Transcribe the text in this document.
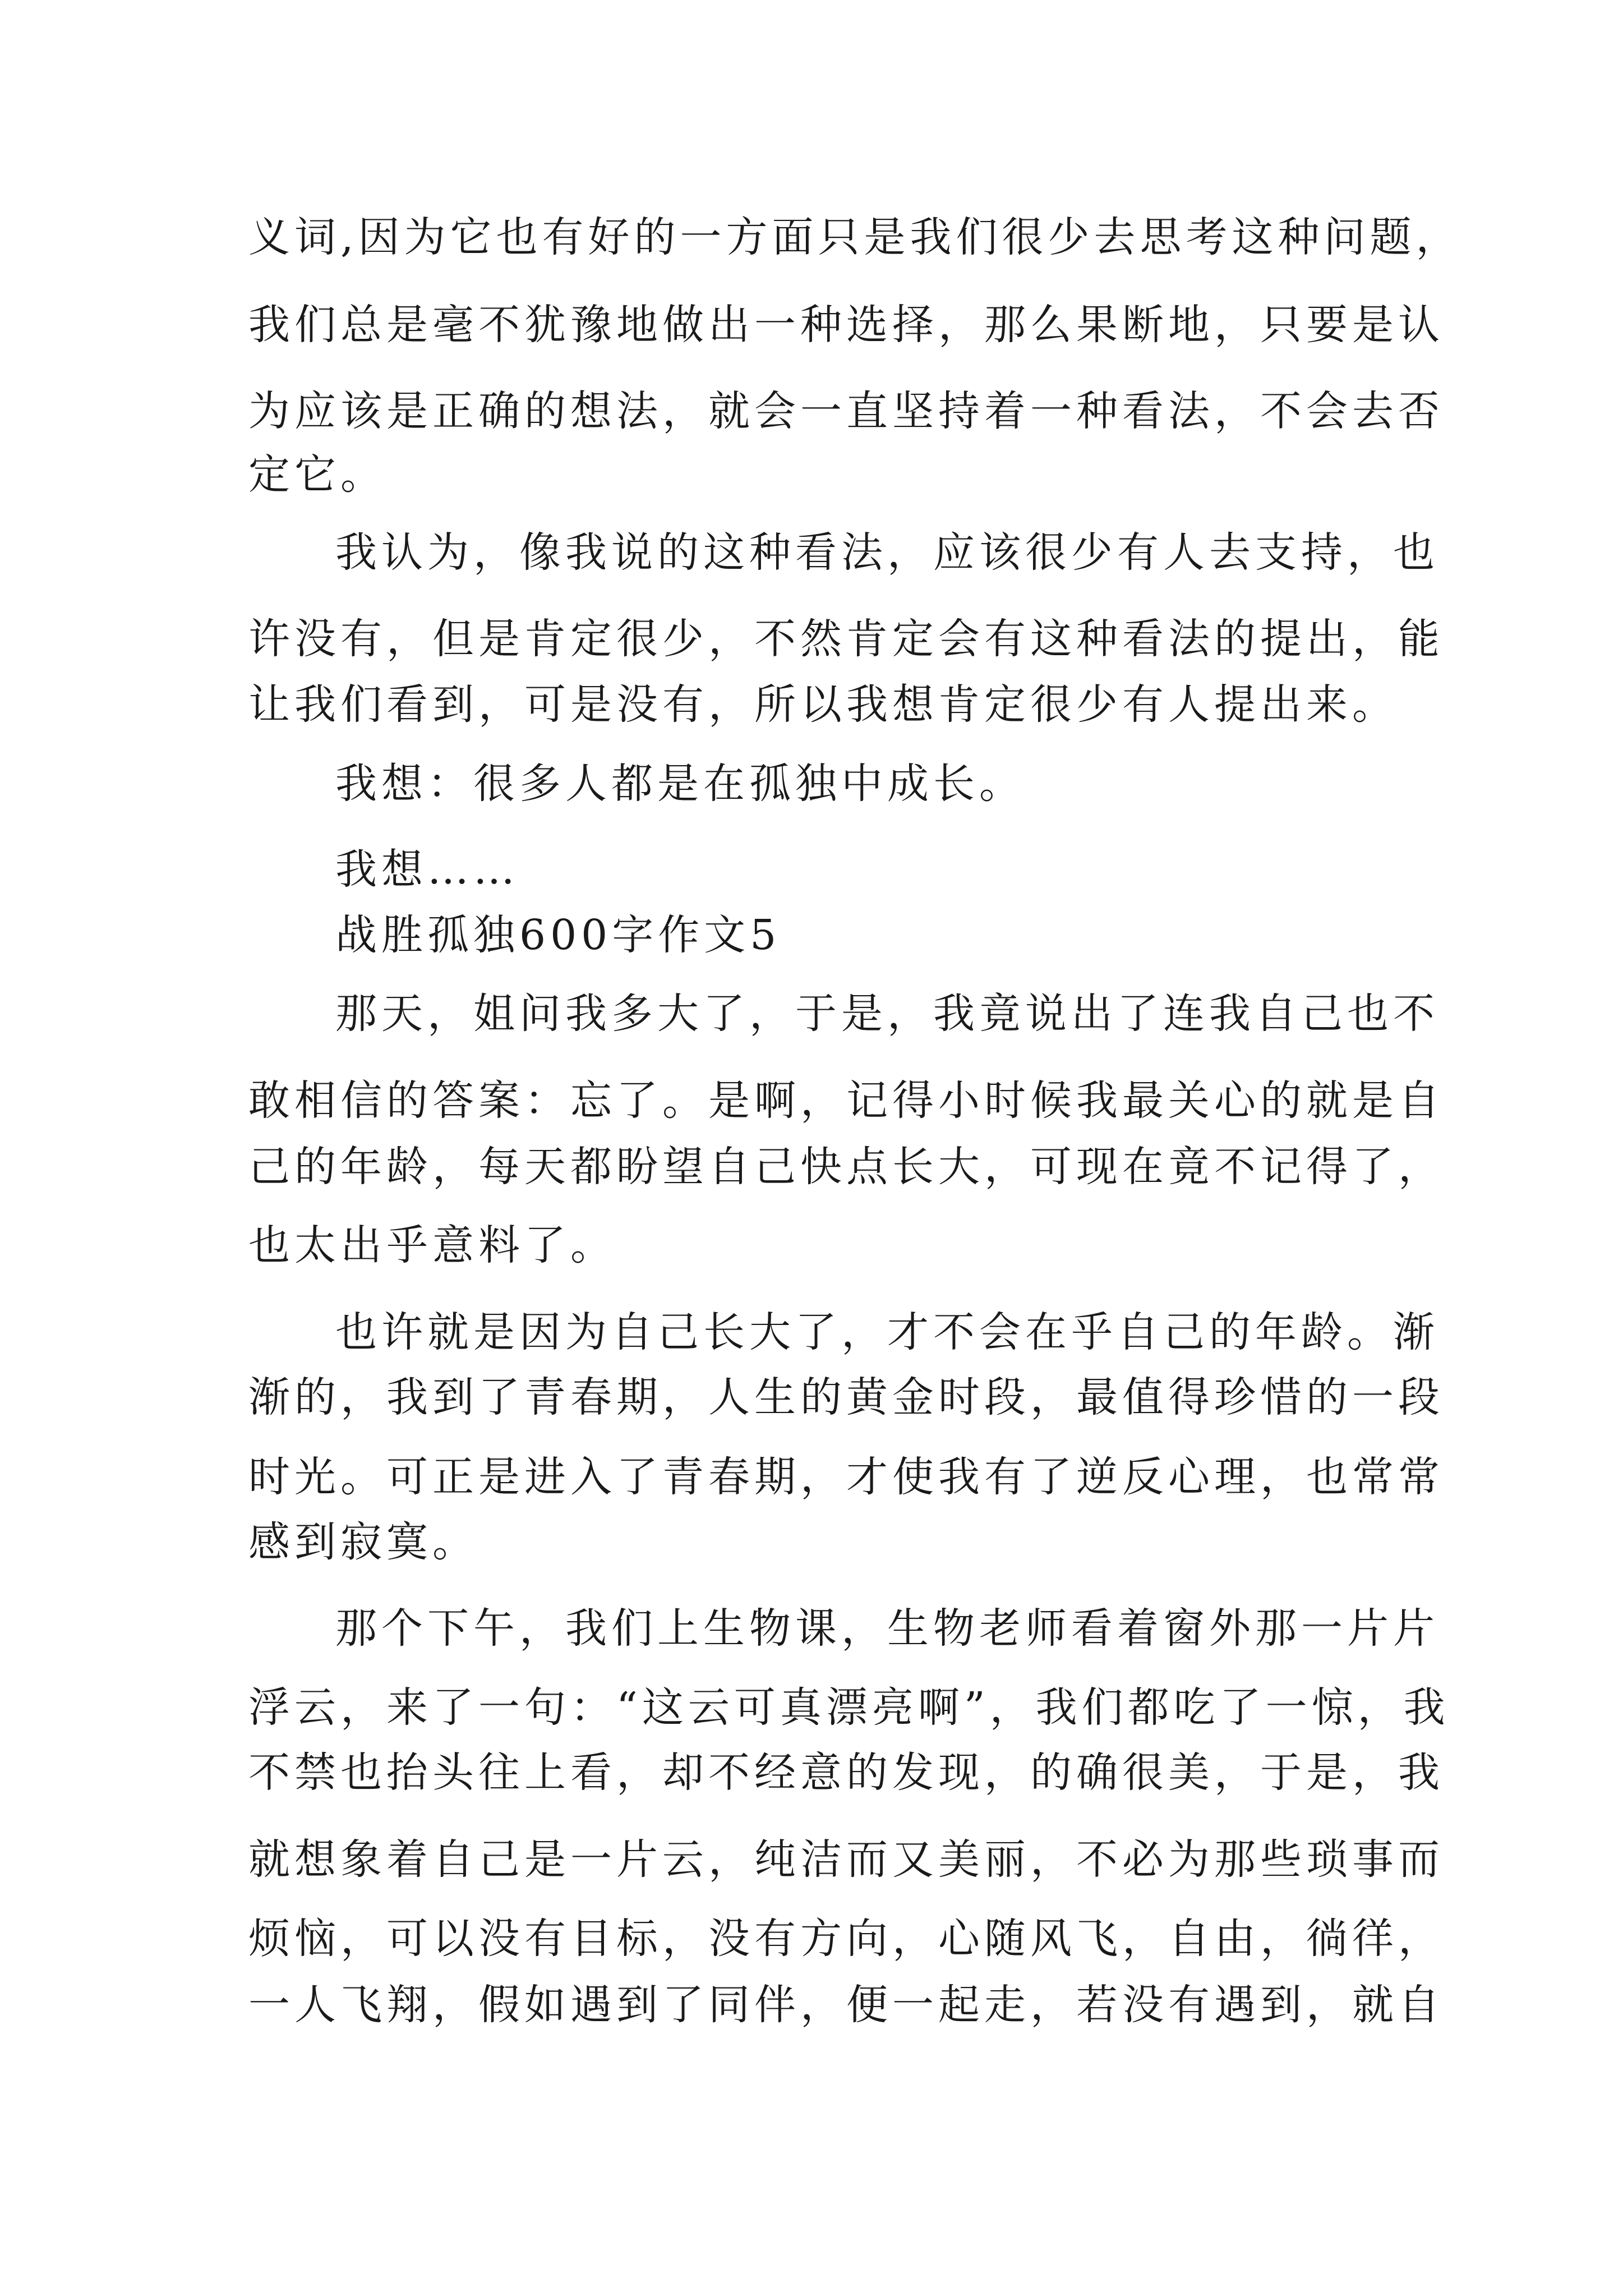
义词,因为它也有好的一方面只是我们很少去思考这种问题，
我们总是毫不犹豫地做出一种选择，那么果断地，只要是认
为应该是正确的想法，就会一直坚持着一种看法，不会去否
定它。
我认为，像我说的这种看法，应该很少有人去支持，也
许没有，但是肯定很少，不然肯定会有这种看法的提出，能
让我们看到，可是没有，所以我想肯定很少有人提出来。
我想：很多人都是在孤独中成长。
我想……
战胜孤独600字作文5
那天，姐问我多大了，于是，我竟说出了连我自己也不
敢相信的答案：忘了。是啊，记得小时候我最关心的就是自
己的年龄，每天都盼望自己快点长大，可现在竟不记得了，
也太出乎意料了。
也许就是因为自己长大了，才不会在乎自己的年龄。渐
渐的，我到了青春期，人生的黄金时段，最值得珍惜的一段
时光。可正是进入了青春期，才使我有了逆反心理，也常常
感到寂寞。
那个下午，我们上生物课，生物老师看着窗外那一片片
浮云，来了一句：“这云可真漂亮啊”，我们都吃了一惊，我
不禁也抬头往上看，却不经意的发现，的确很美，于是，我
就想象着自己是一片云，纯洁而又美丽，不必为那些琐事而
烦恼，可以没有目标，没有方向，心随风飞，自由，徜徉，
一人飞翔，假如遇到了同伴，便一起走，若没有遇到，就自
